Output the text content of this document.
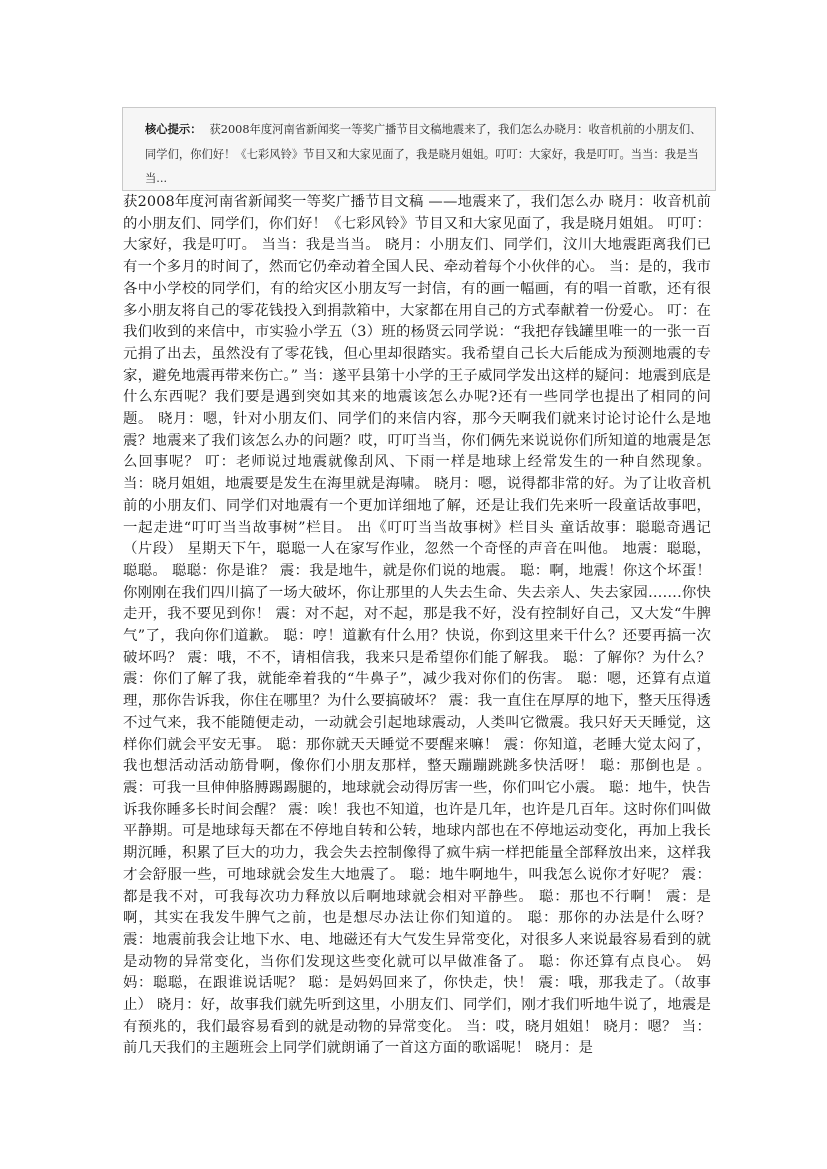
核心提示： 获2008年度河南省新闻奖一等奖广播节目文稿地震来了，我们怎么办晓月：收音机前的小朋友们、同学们，你们好！《七彩风铃》节目又和大家见面了，我是晓月姐姐。叮叮：大家好，我是叮叮。当当：我是当当...
获2008年度河南省新闻奖一等奖广播节目文稿 ——地震来了，我们怎么办 晓月：收音机前的小朋友们、同学们，你们好！《七彩风铃》节目又和大家见面了，我是晓月姐姐。 叮叮：大家好，我是叮叮。 当当：我是当当。 晓月：小朋友们、同学们，汶川大地震距离我们已有一个多月的时间了，然而它仍牵动着全国人民、牵动着每个小伙伴的心。 当：是的，我市各中小学校的同学们，有的给灾区小朋友写一封信，有的画一幅画，有的唱一首歌，还有很多小朋友将自己的零花钱投入到捐款箱中，大家都在用自己的方式奉献着一份爱心。 叮：在我们收到的来信中，市实验小学五（3）班的杨贤云同学说：“我把存钱罐里唯一的一张一百元捐了出去，虽然没有了零花钱，但心里却很踏实。我希望自己长大后能成为预测地震的专家，避免地震再带来伤亡。” 当：遂平县第十小学的王子威同学发出这样的疑问：地震到底是什么东西呢？我们要是遇到突如其来的地震该怎么办呢?还有一些同学也提出了相同的问题。 晓月：嗯，针对小朋友们、同学们的来信内容，那今天啊我们就来讨论讨论什么是地震？地震来了我们该怎么办的问题？哎，叮叮当当，你们俩先来说说你们所知道的地震是怎么回事呢？ 叮：老师说过地震就像刮风、下雨一样是地球上经常发生的一种自然现象。 当：晓月姐姐，地震要是发生在海里就是海啸。 晓月：嗯，说得都非常的好。为了让收音机前的小朋友们、同学们对地震有一个更加详细地了解，还是让我们先来听一段童话故事吧，一起走进“叮叮当当故事树”栏目。 出《叮叮当当故事树》栏目头 童话故事：聪聪奇遇记（片段） 星期天下午，聪聪一人在家写作业，忽然一个奇怪的声音在叫他。 地震：聪聪，聪聪。 聪聪：你是谁？ 震：我是地牛，就是你们说的地震。 聪：啊，地震！你这个坏蛋！你刚刚在我们四川搞了一场大破坏，你让那里的人失去生命、失去亲人、失去家园…….你快走开，我不要见到你！ 震：对不起，对不起，那是我不好，没有控制好自己，又大发“牛脾气”了，我向你们道歉。 聪：哼！道歉有什么用？快说，你到这里来干什么？还要再搞一次破坏吗？ 震：哦，不不，请相信我，我来只是希望你们能了解我。 聪：了解你？为什么？ 震：你们了解了我，就能牵着我的“牛鼻子”，减少我对你们的伤害。 聪：嗯，还算有点道理，那你告诉我，你住在哪里？为什么要搞破坏？ 震：我一直住在厚厚的地下，整天压得透不过气来，我不能随便走动，一动就会引起地球震动，人类叫它微震。我只好天天睡觉，这样你们就会平安无事。 聪：那你就天天睡觉不要醒来嘛！ 震：你知道，老睡大觉太闷了，我也想活动活动筋骨啊，像你们小朋友那样，整天蹦蹦跳跳多快活呀！ 聪：那倒也是 。 震：可我一旦伸伸胳膊踢踢腿的，地球就会动得厉害一些，你们叫它小震。 聪：地牛，快告诉我你睡多长时间会醒？ 震：唉！我也不知道，也许是几年，也许是几百年。这时你们叫做平静期。可是地球每天都在不停地自转和公转，地球内部也在不停地运动变化，再加上我长期沉睡，积累了巨大的功力，我会失去控制像得了疯牛病一样把能量全部释放出来，这样我才会舒服一些，可地球就会发生大地震了。 聪：地牛啊地牛，叫我怎么说你才好呢？ 震： 都是我不对，可我每次功力释放以后啊地球就会相对平静些。 聪：那也不行啊！ 震：是啊，其实在我发牛脾气之前，也是想尽办法让你们知道的。 聪：那你的办法是什么呀？ 震：地震前我会让地下水、电、地磁还有大气发生异常变化，对很多人来说最容易看到的就是动物的异常变化，当你们发现这些变化就可以早做准备了。 聪：你还算有点良心。 妈妈：聪聪，在跟谁说话呢？ 聪：是妈妈回来了，你快走，快！ 震：哦，那我走了。（故事止） 晓月：好，故事我们就先听到这里，小朋友们、同学们，刚才我们听地牛说了，地震是有预兆的，我们最容易看到的就是动物的异常变化。 当：哎，晓月姐姐！ 晓月：嗯？ 当：前几天我们的主题班会上同学们就朗诵了一首这方面的歌谣呢！ 晓月：是
